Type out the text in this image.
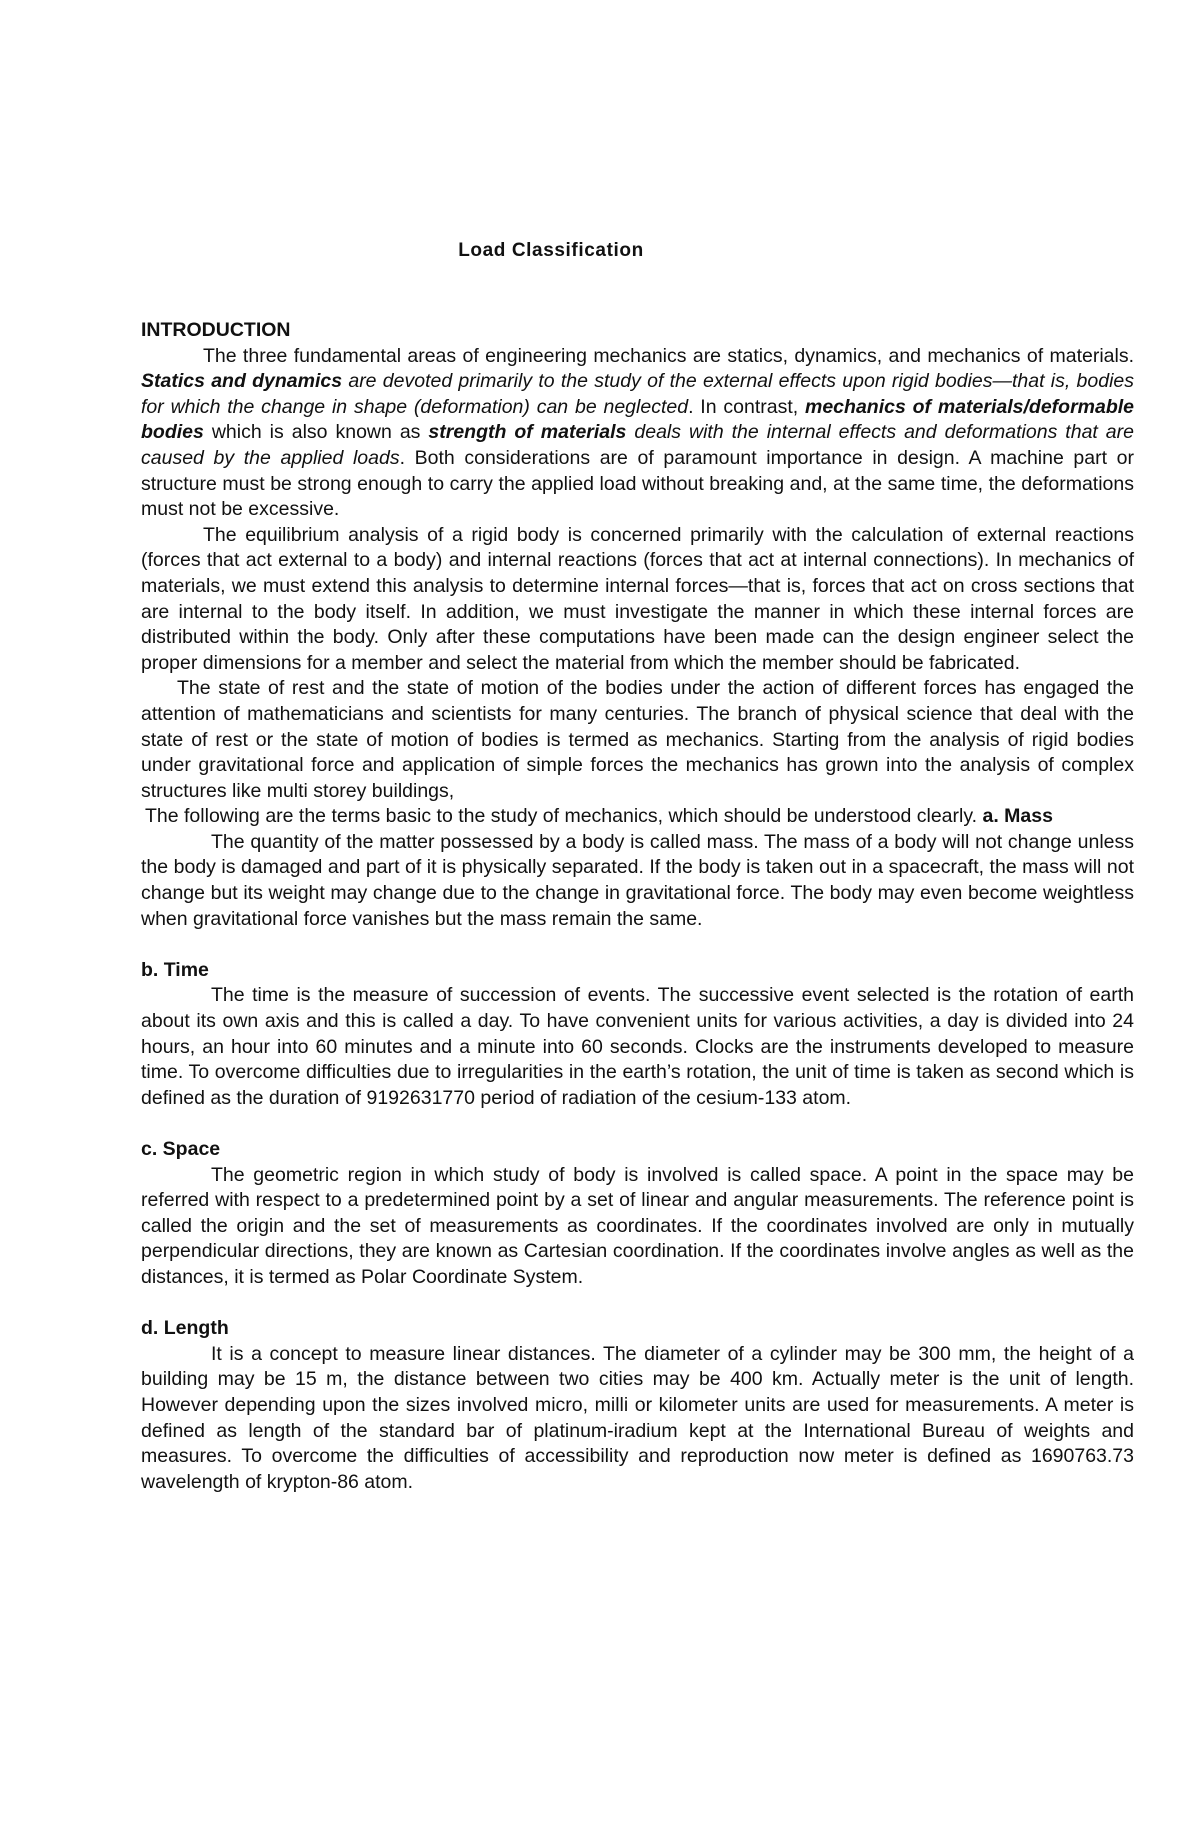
Load Classification

INTRODUCTION

The three fundamental areas of engineering mechanics are statics, dynamics, and mechanics of materials. Statics and dynamics are devoted primarily to the study of the external effects upon rigid bodies—that is, bodies for which the change in shape (deformation) can be neglected. In contrast, mechanics of materials/deformable bodies which is also known as strength of materials deals with the internal effects and deformations that are caused by the applied loads. Both considerations are of paramount importance in design. A machine part or structure must be strong enough to carry the applied load without breaking and, at the same time, the deformations must not be excessive.

The equilibrium analysis of a rigid body is concerned primarily with the calculation of external reactions (forces that act external to a body) and internal reactions (forces that act at internal connections). In mechanics of materials, we must extend this analysis to determine internal forces—that is, forces that act on cross sections that are internal to the body itself. In addition, we must investigate the manner in which these internal forces are distributed within the body. Only after these computations have been made can the design engineer select the proper dimensions for a member and select the material from which the member should be fabricated.

The state of rest and the state of motion of the bodies under the action of different forces has engaged the attention of mathematicians and scientists for many centuries. The branch of physical science that deal with the state of rest or the state of motion of bodies is termed as mechanics. Starting from the analysis of rigid bodies under gravitational force and application of simple forces the mechanics has grown into the analysis of complex structures like multi storey buildings,

The following are the terms basic to the study of mechanics, which should be understood clearly. a. Mass

The quantity of the matter possessed by a body is called mass. The mass of a body will not change unless the body is damaged and part of it is physically separated. If the body is taken out in a spacecraft, the mass will not change but its weight may change due to the change in gravitational force. The body may even become weightless when gravitational force vanishes but the mass remain the same.

b. Time

The time is the measure of succession of events. The successive event selected is the rotation of earth about its own axis and this is called a day. To have convenient units for various activities, a day is divided into 24 hours, an hour into 60 minutes and a minute into 60 seconds. Clocks are the instruments developed to measure time. To overcome difficulties due to irregularities in the earth’s rotation, the unit of time is taken as second which is defined as the duration of 9192631770 period of radiation of the cesium-133 atom.

c. Space

The geometric region in which study of body is involved is called space. A point in the space may be referred with respect to a predetermined point by a set of linear and angular measurements. The reference point is called the origin and the set of measurements as coordinates. If the coordinates involved are only in mutually perpendicular directions, they are known as Cartesian coordination. If the coordinates involve angles as well as the distances, it is termed as Polar Coordinate System.

d. Length

It is a concept to measure linear distances. The diameter of a cylinder may be 300 mm, the height of a building may be 15 m, the distance between two cities may be 400 km. Actually meter is the unit of length. However depending upon the sizes involved micro, milli or kilometer units are used for measurements. A meter is defined as length of the standard bar of platinum-iradium kept at the International Bureau of weights and measures. To overcome the difficulties of accessibility and reproduction now meter is defined as 1690763.73 wavelength of krypton-86 atom.
